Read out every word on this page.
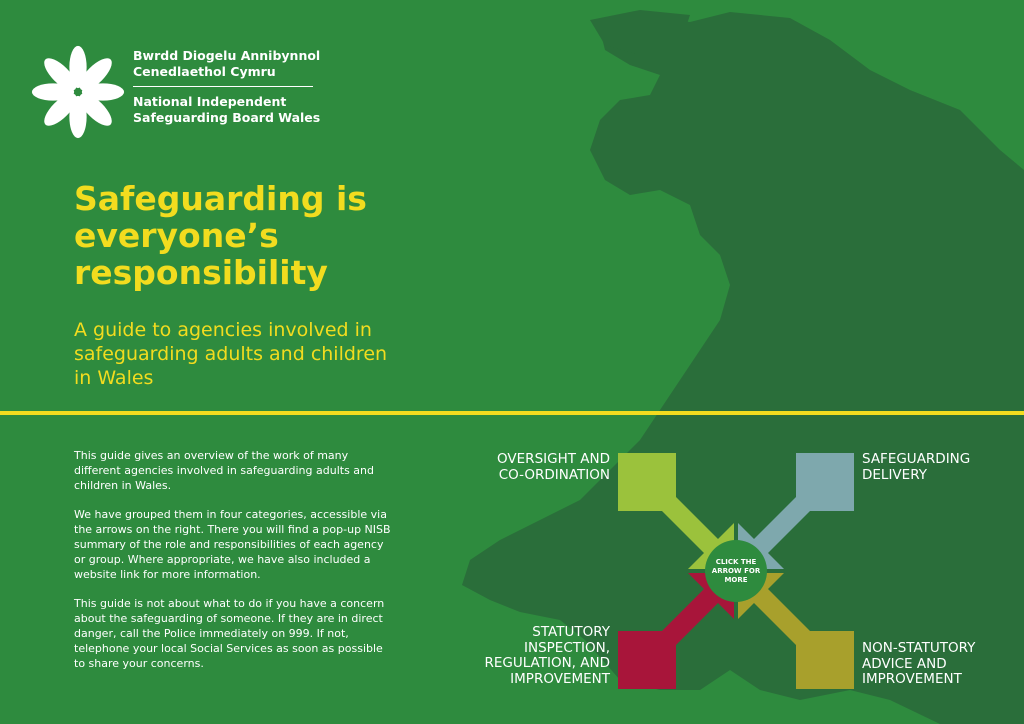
Bwrdd Diogelu Annibynnol
Cenedlaethol Cymru
National Independent
Safeguarding Board Wales
Safeguarding is
everyone’s
responsibility
A guide to agencies involved in
safeguarding adults and children
in Wales

This guide gives an overview of the work of many different agencies involved in safeguarding adults and children in Wales.

We have grouped them in four categories, accessible via the arrows on the right. There you will find a pop-up NISB summary of the role and responsibilities of each agency or group. Where appropriate, we have also included a website link for more information.

This guide is not about what to do if you have a concern about the safeguarding of someone. If they are in direct danger, call the Police immediately on 999. If not, telephone your local Social Services as soon as possible to share your concerns.

OVERSIGHT AND
CO-ORDINATION
SAFEGUARDING
DELIVERY
STATUTORY
INSPECTION,
REGULATION, AND
IMPROVEMENT
NON-STATUTORY
ADVICE AND
IMPROVEMENT
CLICK THE
ARROW FOR
MORE
